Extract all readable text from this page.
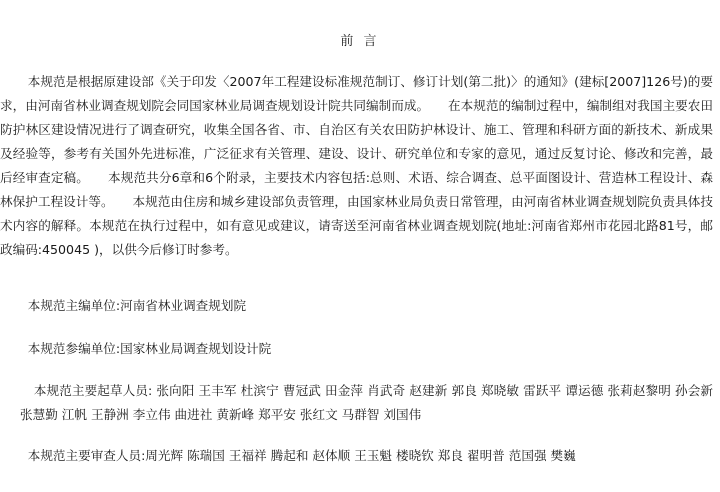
前 言

本规范是根据原建设部《关于印发〈2007年工程建设标准规范制订、修订计划(第二批)〉的通知》(建标[2007]126号)的要求，由河南省林业调查规划院会同国家林业局调查规划设计院共同编制而成。　　在本规范的编制过程中，编制组对我国主要农田防护林区建设情况进行了调查研究，收集全国各省、市、自治区有关农田防护林设计、施工、管理和科研方面的新技术、新成果及经验等，参考有关国外先进标准，广泛征求有关管理、建设、设计、研究单位和专家的意见，通过反复讨论、修改和完善，最后经审查定稿。　　本规范共分6章和6个附录，主要技术内容包括:总则、术语、综合调查、总平面图设计、营造林工程设计、森林保护工程设计等。　　本规范由住房和城乡建设部负责管理，由国家林业局负责日常管理，由河南省林业调查规划院负责具体技术内容的解释。本规范在执行过程中，如有意见或建议，请寄送至河南省林业调查规划院(地址:河南省郑州市花园北路81号，邮政编码:450045 )，以供今后修订时参考。

本规范主编单位:河南省林业调查规划院

本规范参编单位:国家林业局调查规划设计院

本规范主要起草人员: 张向阳 王丰军 杜滨宁 曹冠武 田金萍 肖武奇 赵建新 郭良 郑晓敏 雷跃平 谭运德 张莉赵黎明 孙会新 张慧勤 江帆 王静洲 李立伟 曲进社 黄新峰 郑平安 张红文 马群智 刘国伟

本规范主要审查人员:周光辉 陈瑞国 王福祥 腾起和 赵体顺 王玉魁 楼晓钦 郑良 翟明普 范国强 樊巍
